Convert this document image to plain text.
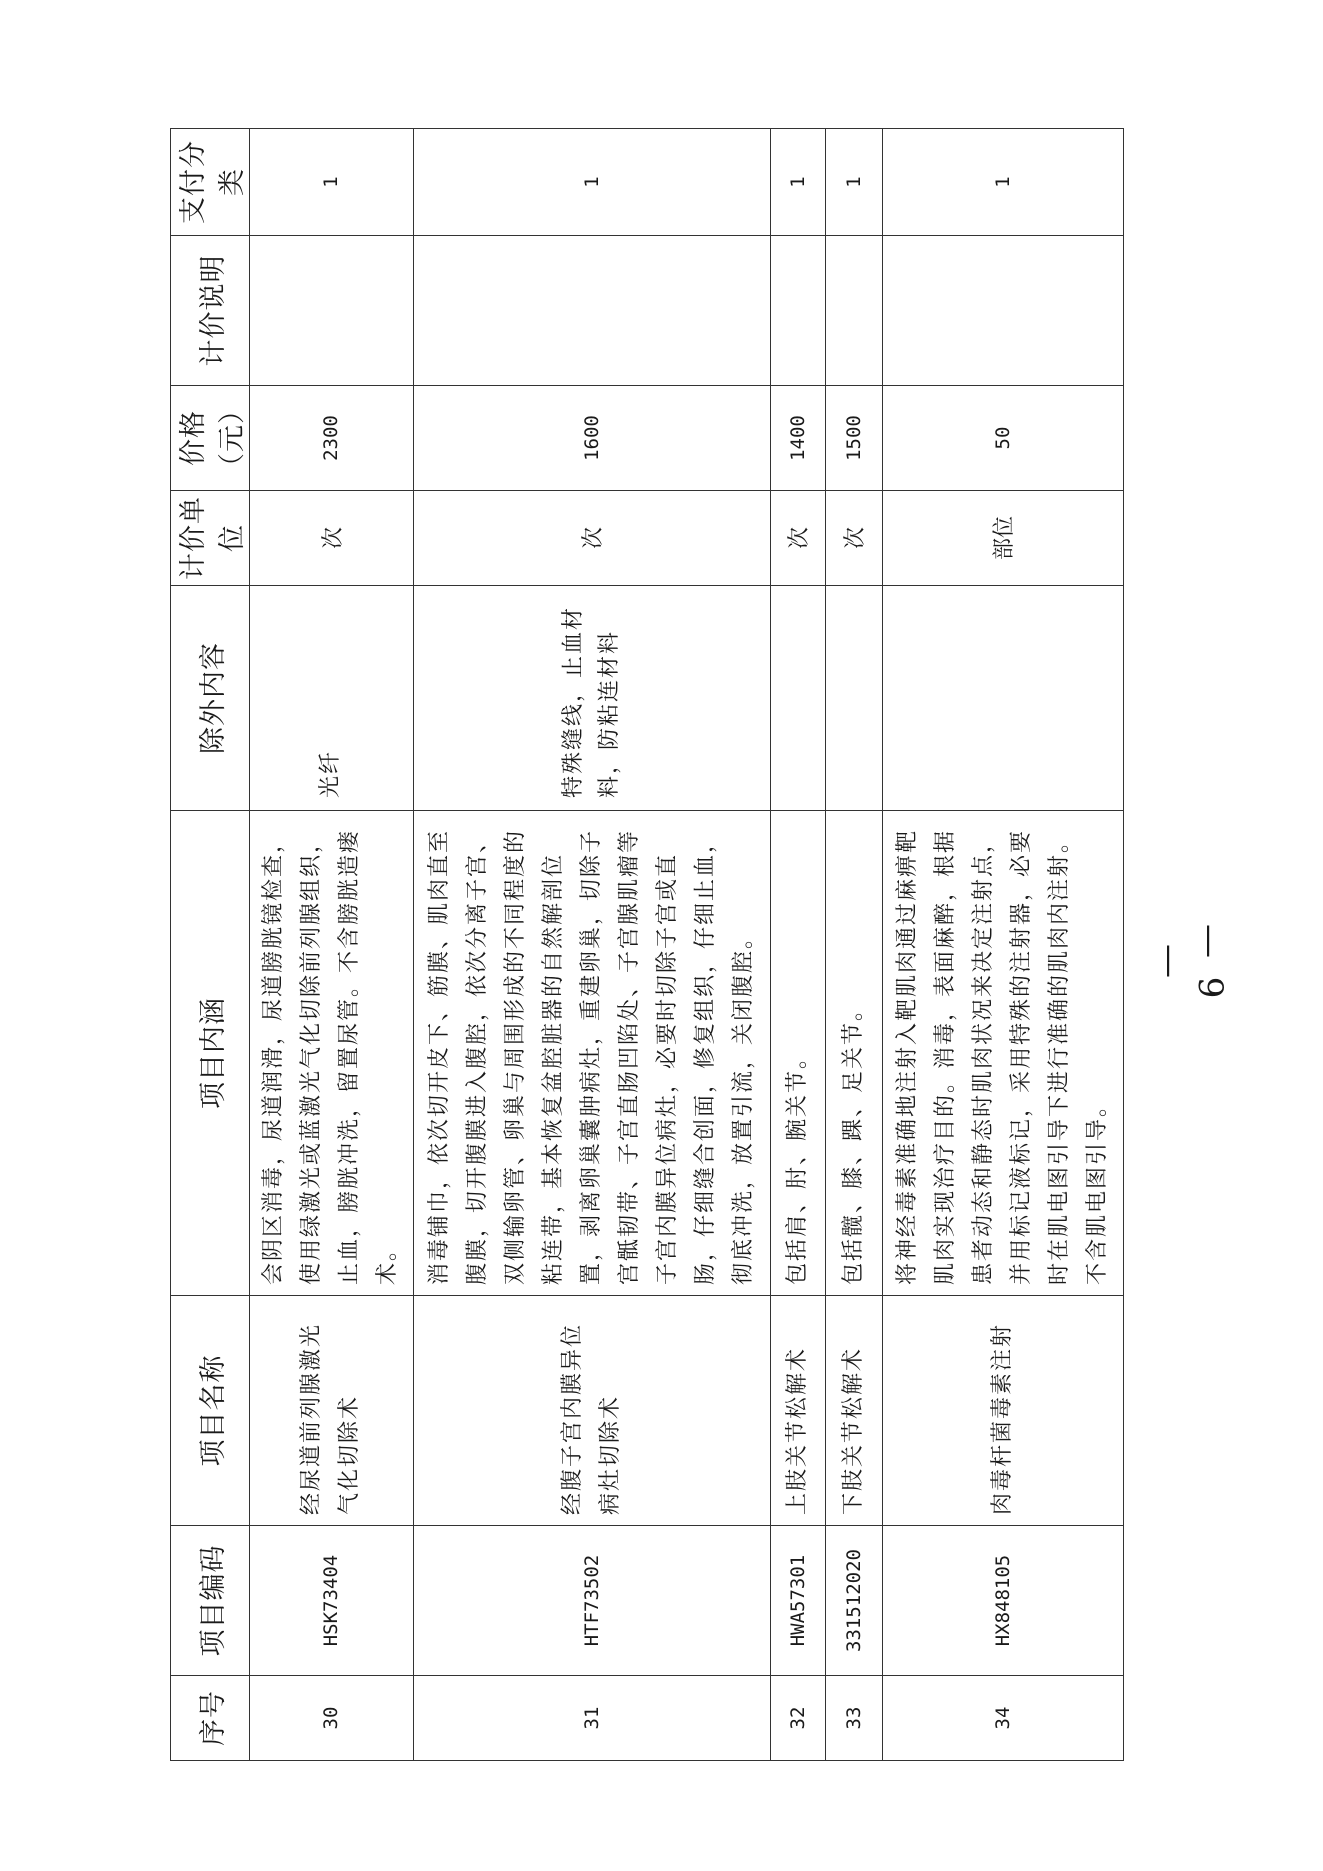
序号	项目编码	项目名称	项目内涵	除外内容	计价单位	价格（元）	计价说明	支付分类
30	HSK73404	经尿道前列腺激光气化切除术	会阴区消毒，尿道润滑，尿道膀胱镜检查，使用绿激光或蓝激光气化切除前列腺组织，止血，膀胱冲洗，留置尿管。不含膀胱造瘘术。	光纤	次	2300		1
31	HTF73502	经腹子宫内膜异位病灶切除术	消毒铺巾，依次切开皮下、筋膜、肌肉直至腹膜，切开腹膜进入腹腔，依次分离子宫、双侧输卵管、卵巢与周围形成的不同程度的粘连带，基本恢复盆腔脏器的自然解剖位置，剥离卵巢囊肿病灶，重建卵巢，切除子宫骶韧带、子宫直肠凹陷处、子宫腺肌瘤等子宫内膜异位病灶，必要时切除子宫或直肠，仔细缝合创面，修复组织，仔细止血，彻底冲洗，放置引流，关闭腹腔。	特殊缝线，止血材料，防粘连材料	次	1600		1
32	HWA57301	上肢关节松解术	包括肩、肘、腕关节。		次	1400		1
33	331512020	下肢关节松解术	包括髋、膝、踝、足关节。		次	1500		1
34	HX848105	肉毒杆菌毒素注射	将神经毒素准确地注射入靶肌肉通过麻痹靶肌肉实现治疗目的。消毒，表面麻醉，根据患者动态和静态时肌肉状况来决定注射点，并用标记液标记，采用特殊的注射器，必要时在肌电图引导下进行准确的肌肉内注射。不含肌电图引导。		部位	50		1
— 9 —
